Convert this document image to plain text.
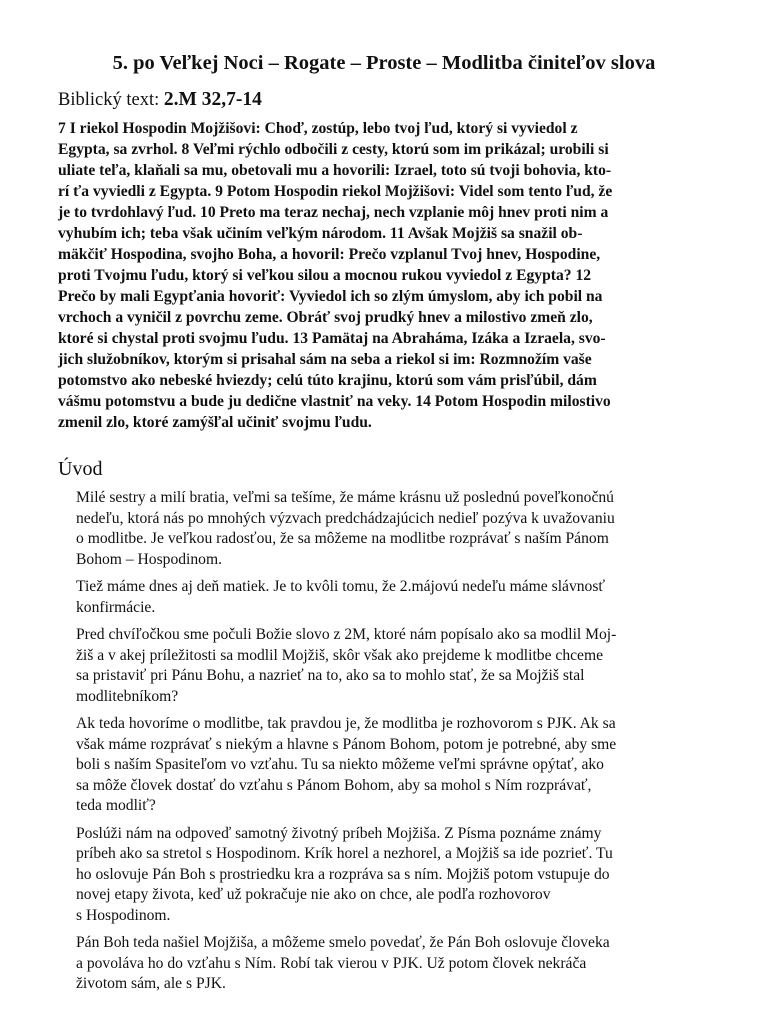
5. po Veľkej Noci – Rogate – Proste – Modlitba činiteľov slova
Biblický text: 2.M 32,7-14
7 I riekol Hospodin Mojžišovi: Choď, zostúp, lebo tvoj ľud, ktorý si vyviedol z
Egypta, sa zvrhol. 8 Veľmi rýchlo odbočili z cesty, ktorú som im prikázal; urobili si
uliate teľa, klaňali sa mu, obetovali mu a hovorili: Izrael, toto sú tvoji bohovia, kto-
rí ťa vyviedli z Egypta. 9 Potom Hospodin riekol Mojžišovi: Videl som tento ľud, že
je to tvrdohlavý ľud. 10 Preto ma teraz nechaj, nech vzplanie môj hnev proti nim a
vyhubím ich; teba však učiním veľkým národom. 11 Avšak Mojžiš sa snažil ob-
mäkčiť Hospodina, svojho Boha, a hovoril: Prečo vzplanul Tvoj hnev, Hospodine,
proti Tvojmu ľudu, ktorý si veľkou silou a mocnou rukou vyviedol z Egypta? 12
Prečo by mali Egypťania hovoriť: Vyviedol ich so zlým úmyslom, aby ich pobil na
vrchoch a vyničil z povrchu zeme. Obráť svoj prudký hnev a milostivo zmeň zlo,
ktoré si chystal proti svojmu ľudu. 13 Pamätaj na Abraháma, Izáka a Izraela, svo-
jich služobníkov, ktorým si prisahal sám na seba a riekol si im: Rozmnožím vaše
potomstvo ako nebeské hviezdy; celú túto krajinu, ktorú som vám prisľúbil, dám
vášmu potomstvu a bude ju dedične vlastniť na veky. 14 Potom Hospodin milostivo
zmenil zlo, ktoré zamýšľal učiniť svojmu ľudu.
Úvod

Milé sestry a milí bratia, veľmi sa tešíme, že máme krásnu už poslednú poveľkonočnú
nedeľu, ktorá nás po mnohých výzvach predchádzajúcich nedieľ pozýva k uvažovaniu
o modlitbe. Je veľkou radosťou, že sa môžeme na modlitbe rozprávať s naším Pánom
Bohom – Hospodinom.

Tiež máme dnes aj deň matiek. Je to kvôli tomu, že 2.májovú nedeľu máme slávnosť
konfirmácie.

Pred chvíľočkou sme počuli Božie slovo z 2M, ktoré nám popísalo ako sa modlil Moj-
žiš a v akej príležitosti sa modlil Mojžiš, skôr však ako prejdeme k modlitbe chceme
sa pristaviť pri Pánu Bohu, a nazrieť na to, ako sa to mohlo stať, že sa Mojžiš stal
modlitebníkom?

Ak teda hovoríme o modlitbe, tak pravdou je, že modlitba je rozhovorom s PJK. Ak sa
však máme rozprávať s niekým a hlavne s Pánom Bohom, potom je potrebné, aby sme
boli s naším Spasiteľom vo vzťahu. Tu sa niekto môžeme veľmi správne opýtať, ako
sa môže človek dostať do vzťahu s Pánom Bohom, aby sa mohol s Ním rozprávať,
teda modliť?

Poslúži nám na odpoveď samotný životný príbeh Mojžiša. Z Písma poznáme známy
príbeh ako sa stretol s Hospodinom. Krík horel a nezhorel, a Mojžiš sa ide pozrieť. Tu
ho oslovuje Pán Boh s prostriedku kra a rozpráva sa s ním. Mojžiš potom vstupuje do
novej etapy života, keď už pokračuje nie ako on chce, ale podľa rozhovorov
s Hospodinom.

Pán Boh teda našiel Mojžiša, a môžeme smelo povedať, že Pán Boh oslovuje človeka
a povoláva ho do vzťahu s Ním. Robí tak vierou v PJK. Už potom človek nekráča
životom sám, ale s PJK.
